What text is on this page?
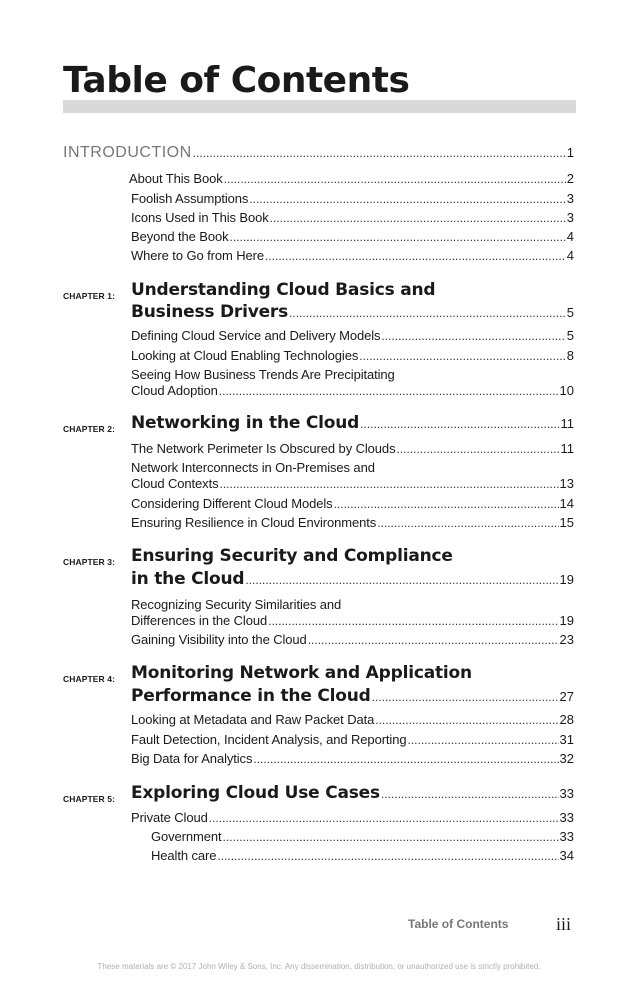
Table of Contents
INTRODUCTION .....	1
About This Book .....	2
Foolish Assumptions .....	3
Icons Used in This Book .....	3
Beyond the Book .....	4
Where to Go from Here .....	4
CHAPTER 1: Understanding Cloud Basics and
Business Drivers .....	5
Defining Cloud Service and Delivery Models .....	5
Looking at Cloud Enabling Technologies .....	8
Seeing How Business Trends Are Precipitating
Cloud Adoption .....	10
CHAPTER 2: Networking in the Cloud .....	11
The Network Perimeter Is Obscured by Clouds .....	11
Network Interconnects in On-Premises and
Cloud Contexts .....	13
Considering Different Cloud Models .....	14
Ensuring Resilience in Cloud Environments .....	15
CHAPTER 3: Ensuring Security and Compliance
in the Cloud .....	19
Recognizing Security Similarities and
Differences in the Cloud .....	19
Gaining Visibility into the Cloud .....	23
CHAPTER 4: Monitoring Network and Application
Performance in the Cloud .....	27
Looking at Metadata and Raw Packet Data .....	28
Fault Detection, Incident Analysis, and Reporting .....	31
Big Data for Analytics .....	32
CHAPTER 5: Exploring Cloud Use Cases .....	33
Private Cloud .....	33
Government .....	33
Health care .....	34
Table of Contents	iii
These materials are © 2017 John Wiley & Sons, Inc. Any dissemination, distribution, or unauthorized use is strictly prohibited.
